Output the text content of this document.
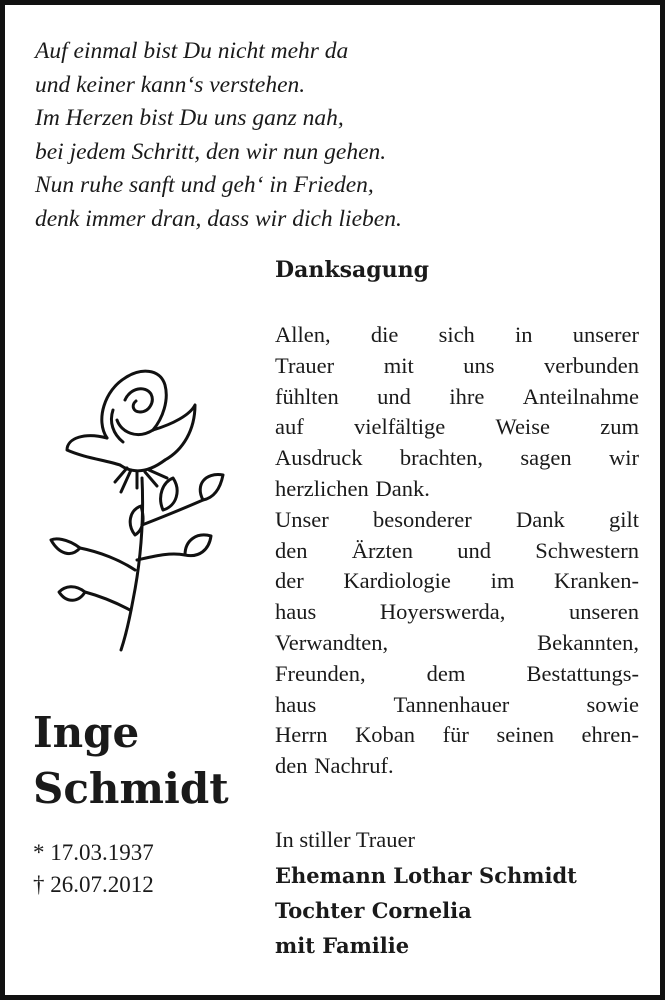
Auf einmal bist Du nicht mehr da
und keiner kann‘s verstehen.
Im Herzen bist Du uns ganz nah,
bei jedem Schritt, den wir nun gehen.
Nun ruhe sanft und geh‘ in Frieden,
denk immer dran, dass wir dich lieben.
Danksagung
Allen, die sich in unserer
Trauer mit uns verbunden
fühlten und ihre Anteilnahme
auf vielfältige Weise zum
Ausdruck brachten, sagen wir
herzlichen Dank.
Unser besonderer Dank gilt
den Ärzten und Schwestern
der Kardiologie im Kranken-
haus	Hoyerswerda,	unseren
Verwandten,	Bekannten,
Freunden,	dem	Bestattungs-
haus	Tannenhauer	sowie
Herrn Koban für seinen ehren-
den Nachruf.
Inge
Schmidt
* 17.03.1937
† 26.07.2012
In stiller Trauer
Ehemann Lothar Schmidt
Tochter Cornelia
mit Familie
